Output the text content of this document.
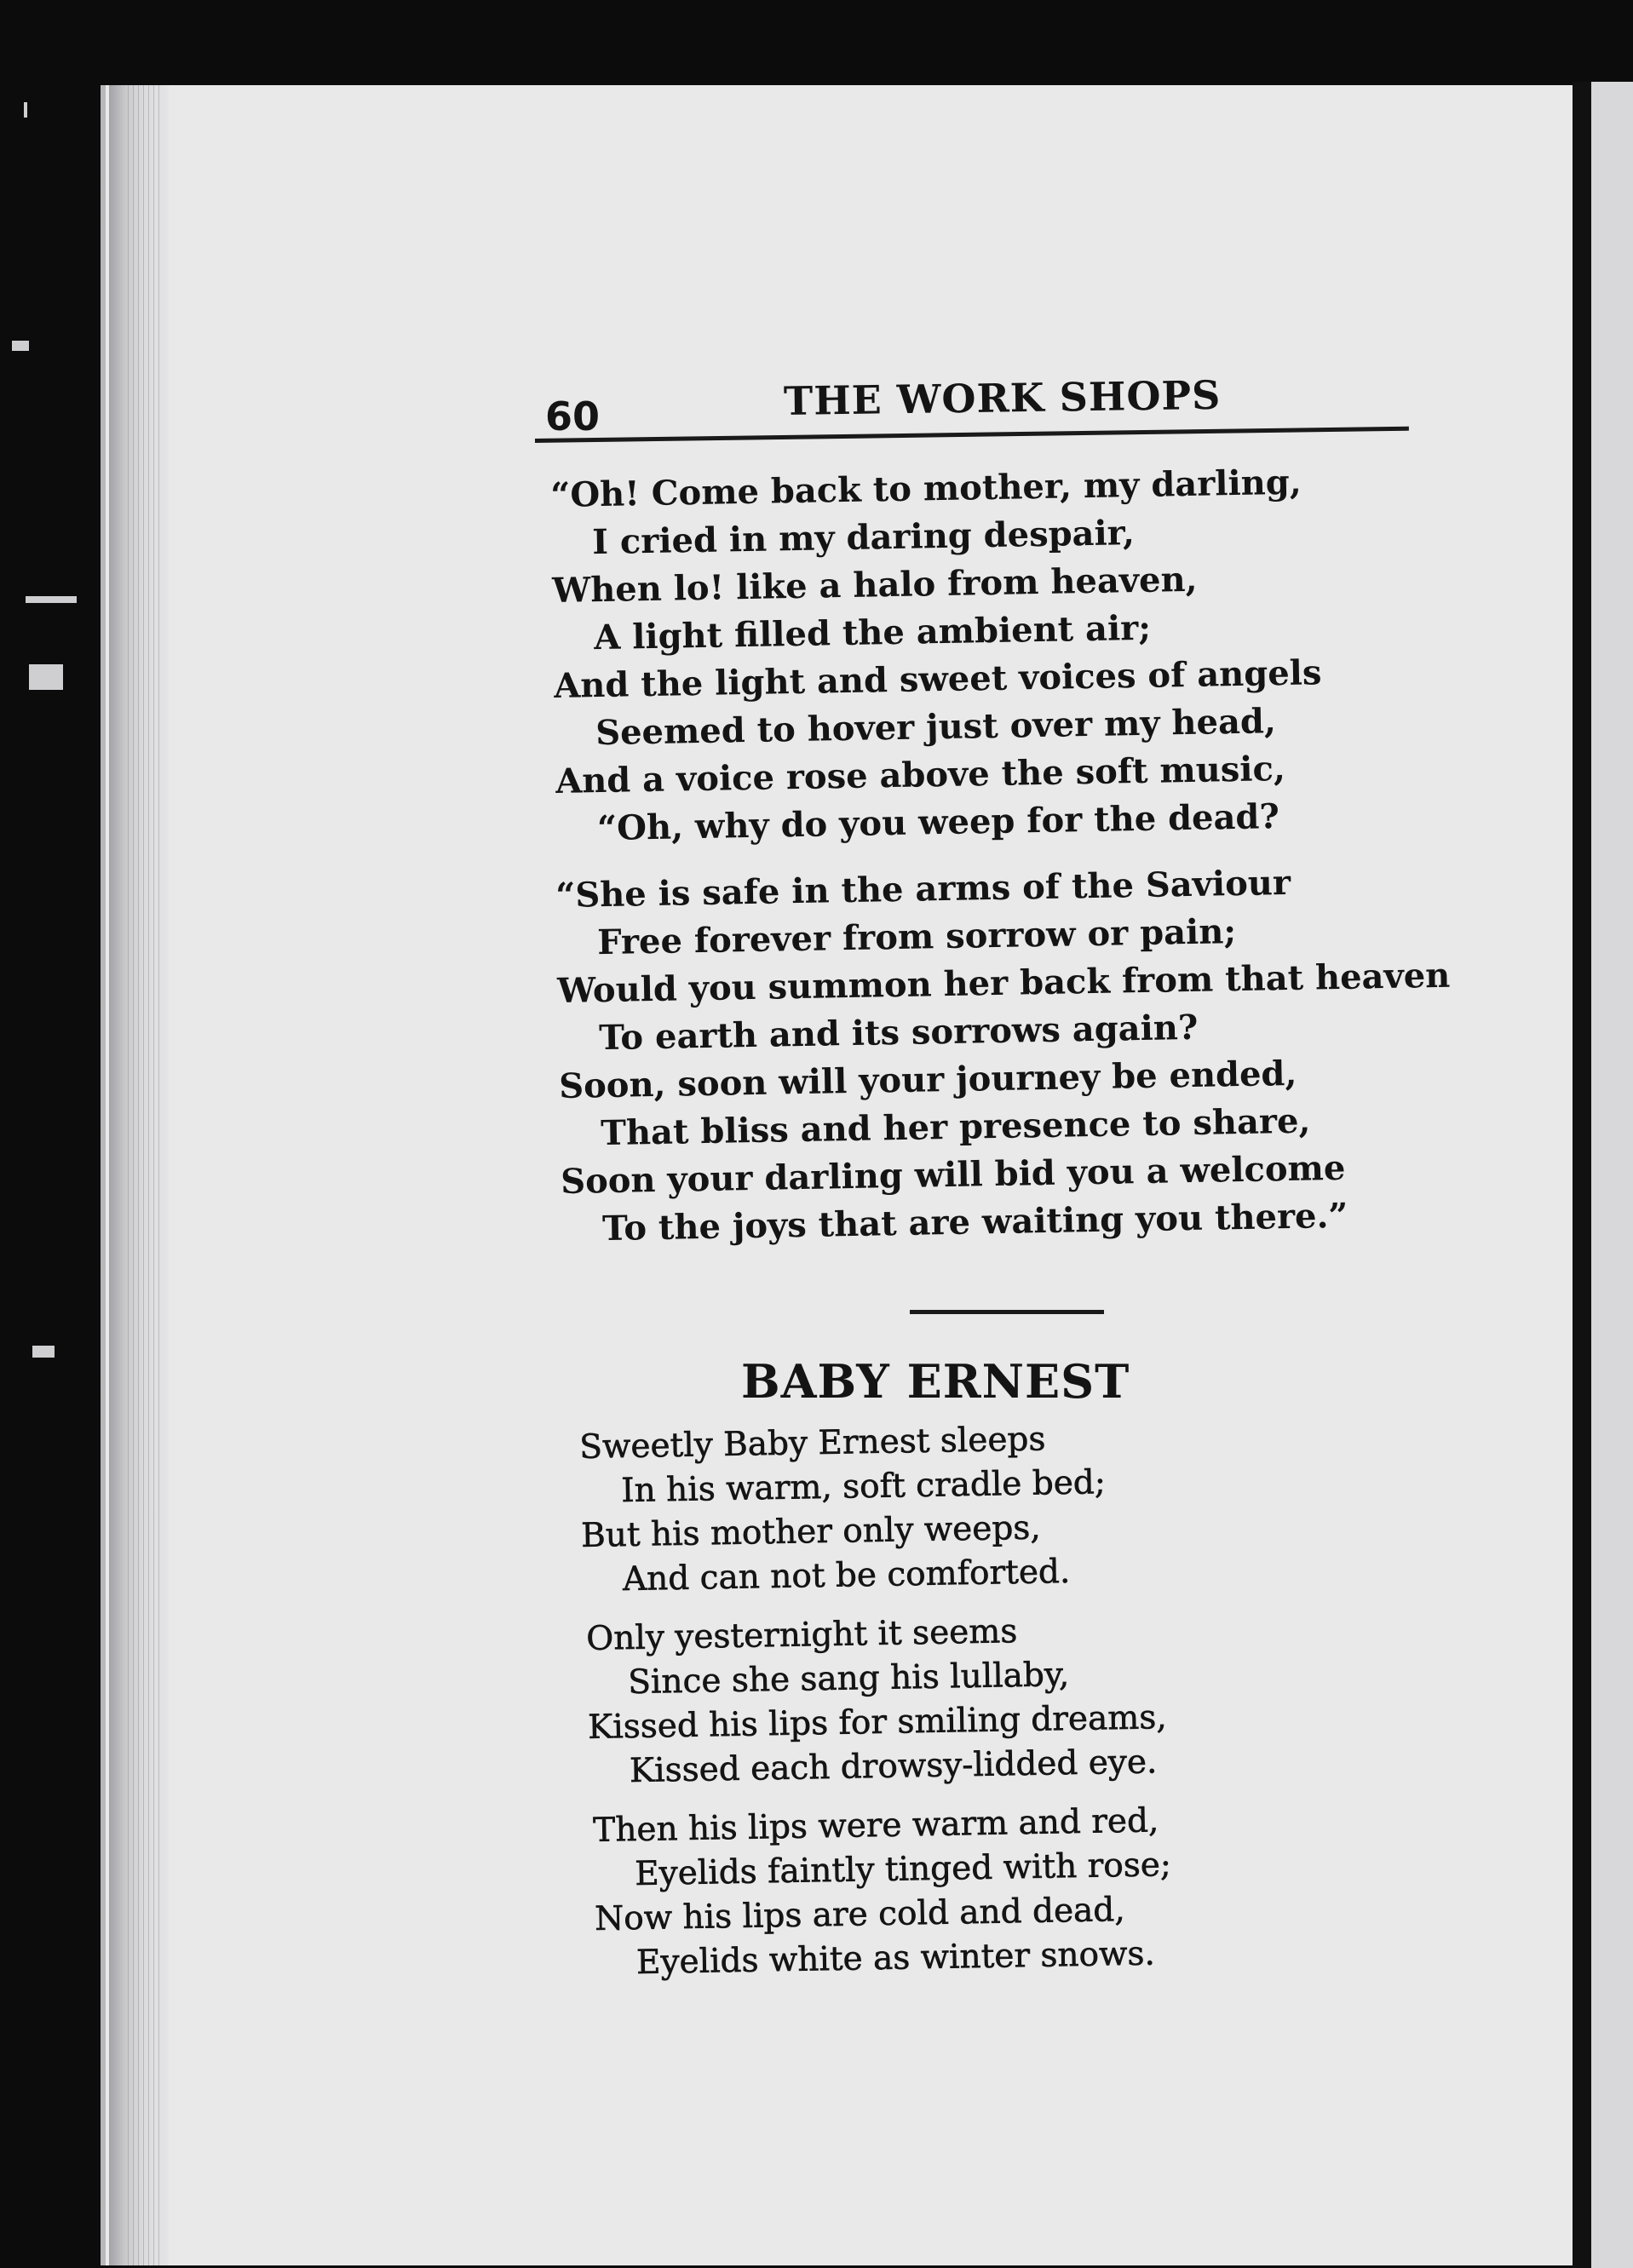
60	THE WORK SHOPS
“Oh! Come back to mother, my darling,
I cried in my daring despair,
When lo! like a halo from heaven,
A light filled the ambient air;
And the light and sweet voices of angels
Seemed to hover just over my head,
And a voice rose above the soft music,
“Oh, why do you weep for the dead?
“She is safe in the arms of the Saviour
Free forever from sorrow or pain;
Would you summon her back from that heaven
To earth and its sorrows again?
Soon, soon will your journey be ended,
That bliss and her presence to share,
Soon your darling will bid you a welcome
To the joys that are waiting you there.”
BABY ERNEST
Sweetly Baby Ernest sleeps
In his warm, soft cradle bed;
But his mother only weeps,
And can not be comforted.
Only yesternight it seems
Since she sang his lullaby,
Kissed his lips for smiling dreams,
Kissed each drowsy-lidded eye.
Then his lips were warm and red,
Eyelids faintly tinged with rose;
Now his lips are cold and dead,
Eyelids white as winter snows.
